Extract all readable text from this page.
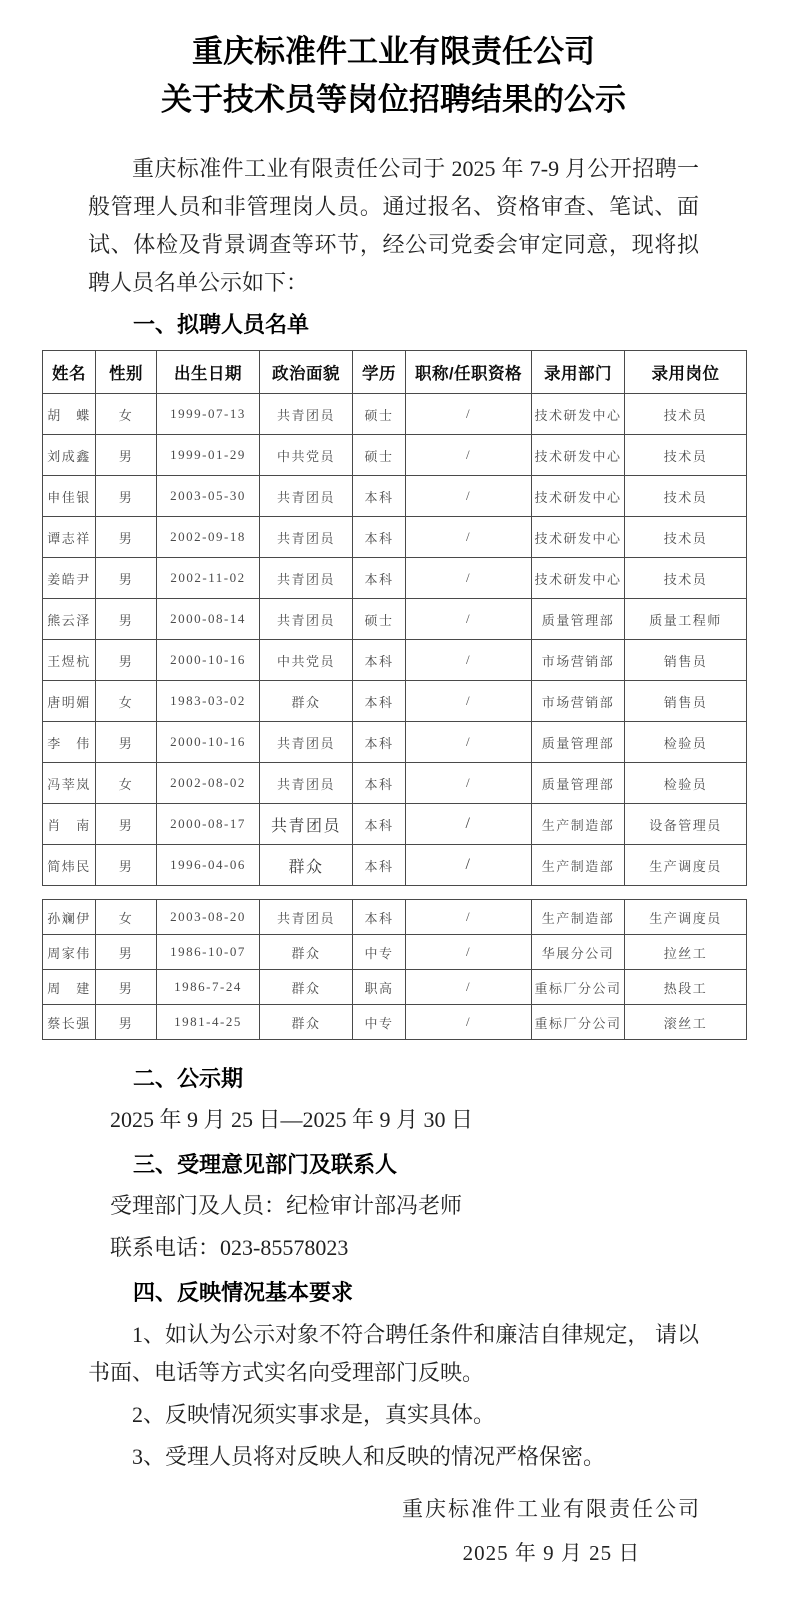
重庆标准件工业有限责任公司
关于技术员等岗位招聘结果的公示

重庆标准件工业有限责任公司于 2025 年 7-9 月公开招聘一般管理人员和非管理岗人员。通过报名、资格审查、笔试、面试、体检及背景调查等环节，经公司党委会审定同意，现将拟聘人员名单公示如下：

一、拟聘人员名单
姓名	性别	出生日期	政治面貌	学历	职称/任职资格	录用部门	录用岗位
胡　蝶	女	1999-07-13	共青团员	硕士	/	技术研发中心	技术员
刘成鑫	男	1999-01-29	中共党员	硕士	/	技术研发中心	技术员
申佳银	男	2003-05-30	共青团员	本科	/	技术研发中心	技术员
谭志祥	男	2002-09-18	共青团员	本科	/	技术研发中心	技术员
姜皓尹	男	2002-11-02	共青团员	本科	/	技术研发中心	技术员
熊云泽	男	2000-08-14	共青团员	硕士	/	质量管理部	质量工程师
王煜杭	男	2000-10-16	中共党员	本科	/	市场营销部	销售员
唐明媚	女	1983-03-02	群众	本科	/	市场营销部	销售员
李　伟	男	2000-10-16	共青团员	本科	/	质量管理部	检验员
冯莘岚	女	2002-08-02	共青团员	本科	/	质量管理部	检验员
肖　南	男	2000-08-17	共青团员	本科	/	生产制造部	设备管理员
简炜民	男	1996-04-06	群众	本科	/	生产制造部	生产调度员
孙斓伊	女	2003-08-20	共青团员	本科	/	生产制造部	生产调度员
周家伟	男	1986-10-07	群众	中专	/	华展分公司	拉丝工
周　建	男	1986-7-24	群众	职高	/	重标厂分公司	热段工
蔡长强	男	1981-4-25	群众	中专	/	重标厂分公司	滚丝工
二、公示期
2025 年 9 月 25 日—2025 年 9 月 30 日
三、受理意见部门及联系人
受理部门及人员：纪检审计部冯老师
联系电话：023-85578023
四、反映情况基本要求

1、如认为公示对象不符合聘任条件和廉洁自律规定， 请以书面、电话等方式实名向受理部门反映。

2、反映情况须实事求是，真实具体。

3、受理人员将对反映人和反映的情况严格保密。

重庆标准件工业有限责任公司
2025 年 9 月 25 日
